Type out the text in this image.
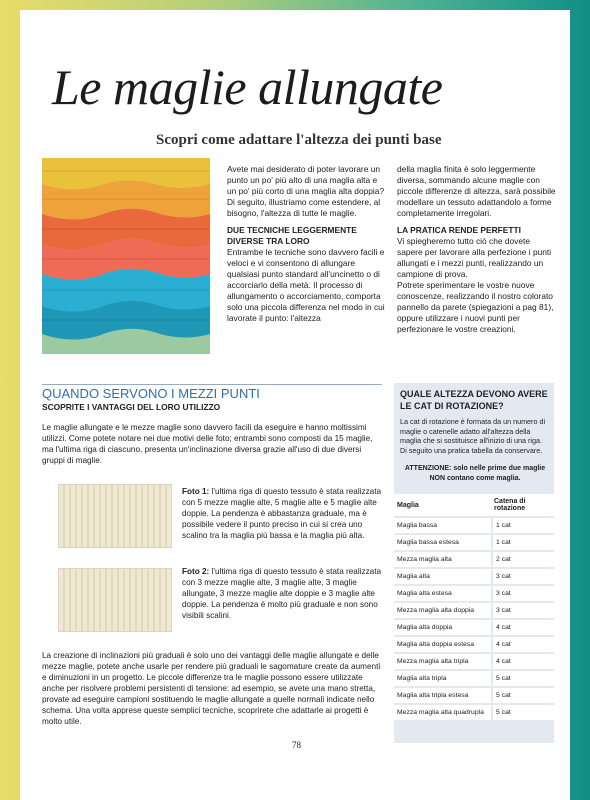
Le maglie allungate
Scopri come adattare l'altezza dei punti base

Avete mai desiderato di poter lavorare un punto un po' più alto di una maglia alta e un po' più corto di una maglia alta doppia? Di seguito, illustriamo come estendere, al bisogno, l'altezza di tutte le maglie.

DUE TECNICHE LEGGERMENTE DIVERSE TRA LORO

Entrambe le tecniche sono davvero facili e veloci e vi consentono di allungare qualsiasi punto standard all'uncinetto o di accorciarlo della metà. Il processo di allungamento o accorciamento, comporta solo una piccola differenza nel modo in cui lavorate il punto: l'altezza

della maglia finita è solo leggermente diversa, sommando alcune maglie con piccole differenze di altezza, sarà possibile modellare un tessuto adattandolo a forme completamente irregolari.

LA PRATICA RENDE PERFETTI

Vi spiegheremo tutto ciò che dovete sapere per lavorare alla perfezione i punti allungati e i mezzi punti, realizzando un campione di prova.

Potrete sperimentare le vostre nuove conoscenze, realizzando il nostro colorato pannello da parete (spiegazioni a pag 81), oppure utilizzare i nuovi punti per perfezionare le vostre creazioni.

QUANDO SERVONO I MEZZI PUNTI
SCOPRITE I VANTAGGI DEL LORO UTILIZZO
Le maglie allungate e le mezze maglie sono davvero facili da eseguire e hanno moltissimi utilizzi. Come potete notare nei due motivi delle foto; entrambi sono composti da 15 maglie, ma l'ultima riga di ciascuno, presenta un'inclinazione diversa grazie all'uso di due diversi gruppi di maglie.
Foto 1: l'ultima riga di questo tessuto è stata realizzata con 5 mezze maglie alte, 5 maglie alte e 5 maglie alte doppie. La pendenza è abbastanza graduale, ma è possibile vedere il punto preciso in cui si crea uno scalino tra la maglia più bassa e la maglia più alta.
Foto 2: l'ultima riga di questo tessuto è stata realizzata con 3 mezze maglie alte, 3 maglie alte, 3 maglie allungate, 3 mezze maglie alte doppie e 3 maglie alte doppie. La pendenza è molto più graduale e non sono visibili scalini.
La creazione di inclinazioni più graduali è solo uno dei vantaggi delle maglie allungate e delle mezze maglie, potete anche usarle per rendere più graduali le sagomature create da aumenti e diminuzioni in un progetto. Le piccole differenze tra le maglie possono essere utilizzate anche per risolvere problemi persistenti di tensione: ad esempio, se avete una mano stretta, provate ad eseguire campioni sostituendo le maglie allungate a quelle normali indicate nello schema. Una volta apprese queste semplici tecniche, scoprirete che adattarle ai progetti è molto utile.
QUALE ALTEZZA DEVONO AVERE LE CAT DI ROTAZIONE?
La cat di rotazione è formata da un numero di maglie o catenelle adatto all'altezza della maglia che si sostituisce all'inizio di una riga. Di seguito una pratica tabella da conservare.
ATTENZIONE: solo nelle prime due maglie NON contano come maglia.
Maglia	Catena di rotazione
Maglia bassa	1 cat
Maglia bassa estesa	1 cat
Mezza maglia alta	2 cat
Maglia alta	3 cat
Maglia alta estesa	3 cat
Mezza maglia alta doppia	3 cat
Maglia alta doppia	4 cat
Maglia alta doppia estesa	4 cat
Mezza maglia alta tripla	4 cat
Maglia alta tripla	5 cat
Maglia alta tripla estesa	5 cat
Mezza maglia alta quadrupla	5 cat
78
PassionForum.ru
